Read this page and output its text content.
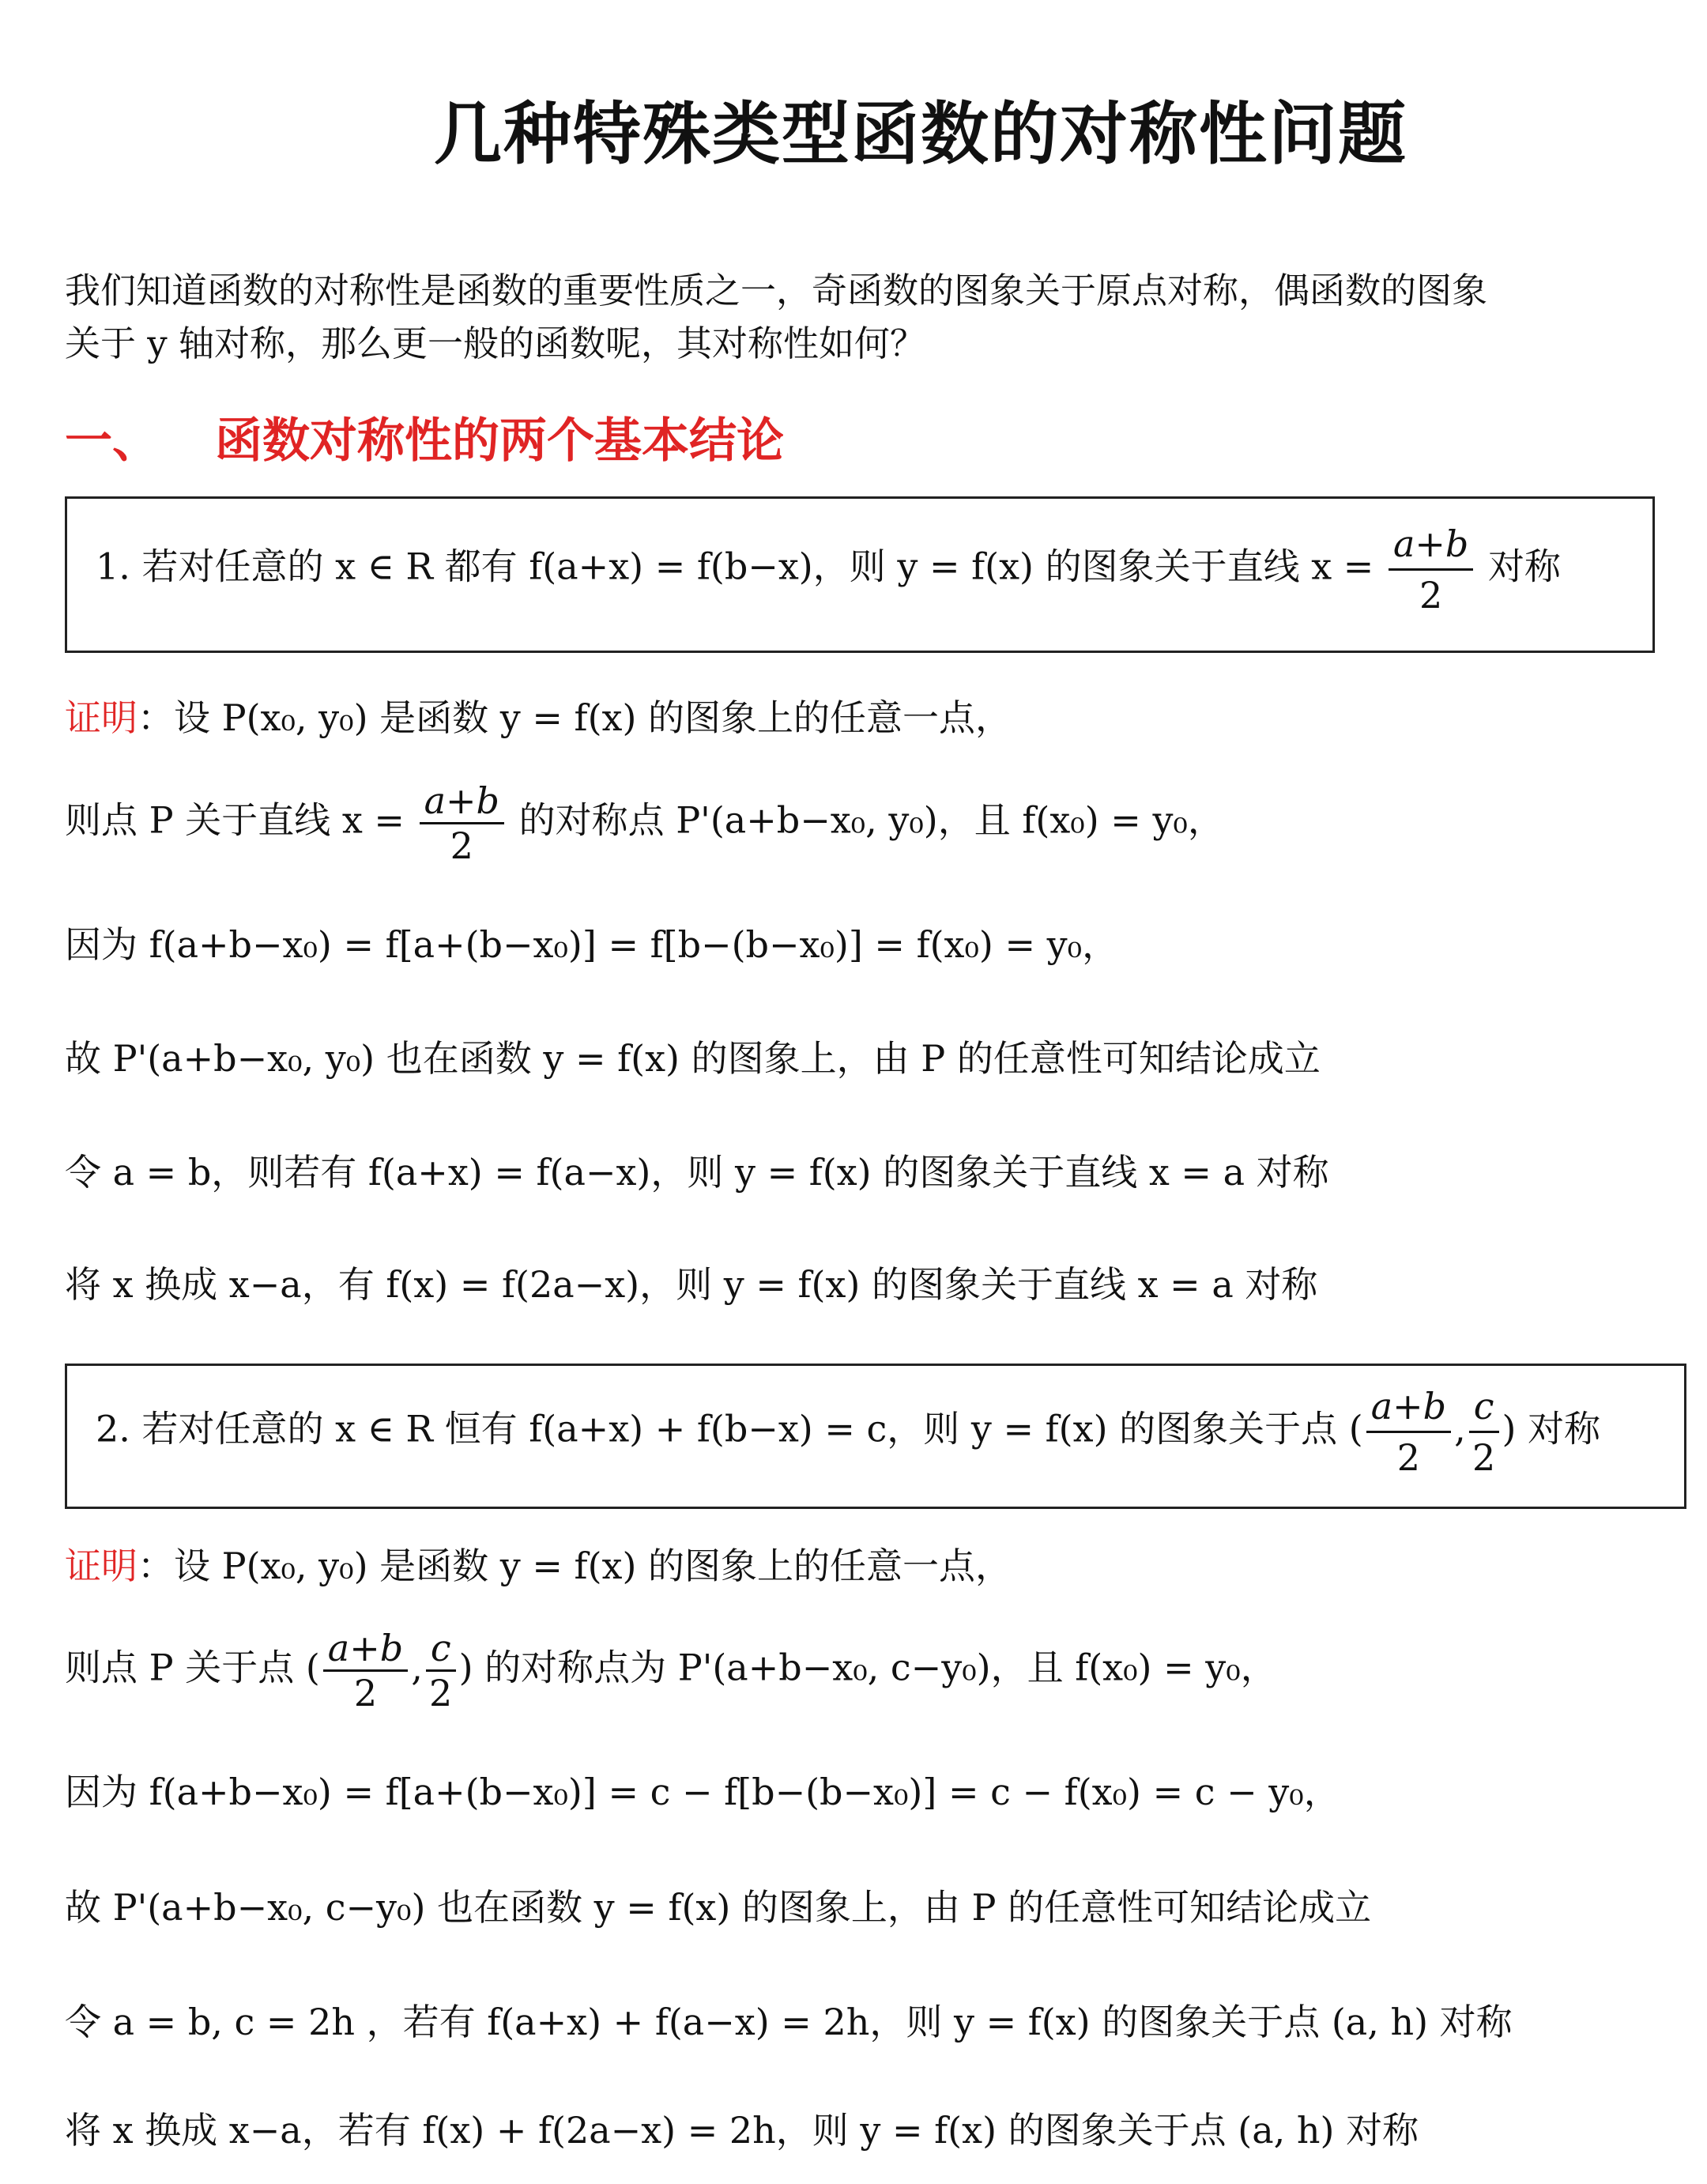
几种特殊类型函数的对称性问题
我们知道函数的对称性是函数的重要性质之一，奇函数的图象关于原点对称，偶函数的图象
关于 y 轴对称，那么更一般的函数呢，其对称性如何？
一、 函数对称性的两个基本结论
1. 若对任意的 x ∈ R 都有 f(a+x) = f(b−x)，则 y = f(x) 的图象关于直线 $x = \frac{a+b}{2}$ 对称
证明：设 P(x₀, y₀) 是函数 y = f(x) 的图象上的任意一点，
则点 P 关于直线 $x = \frac{a+b}{2}$ 的对称点 P'(a+b−x₀, y₀)，且 f(x₀) = y₀，
因为 f(a+b−x₀) = f[a+(b−x₀)] = f[b−(b−x₀)] = f(x₀) = y₀，
故 P'(a+b−x₀, y₀) 也在函数 y = f(x) 的图象上，由 P 的任意性可知结论成立
令 a = b，则若有 f(a+x) = f(a−x)，则 y = f(x) 的图象关于直线 x = a 对称
将 x 换成 x−a，有 f(x) = f(2a−x)，则 y = f(x) 的图象关于直线 x = a 对称
2. 若对任意的 x ∈ R 恒有 f(a+x) + f(b−x) = c，则 y = f(x) 的图象关于点 ( $\frac{a+b}{2}$ , $\frac{c}{2}$ ) 对称
证明：设 P(x₀, y₀) 是函数 y = f(x) 的图象上的任意一点，
则点 P 关于点 ( $\frac{a+b}{2}$ , $\frac{c}{2}$ ) 的对称点为 P'(a+b−x₀, c−y₀)，且 f(x₀) = y₀，
因为 f(a+b−x₀) = f[a+(b−x₀)] = c − f[b−(b−x₀)] = c − f(x₀) = c − y₀，
故 P'(a+b−x₀, c−y₀) 也在函数 y = f(x) 的图象上，由 P 的任意性可知结论成立
令 a = b, c = 2h ，若有 f(a+x) + f(a−x) = 2h，则 y = f(x) 的图象关于点 (a, h) 对称
将 x 换成 x−a，若有 f(x) + f(2a−x) = 2h，则 y = f(x) 的图象关于点 (a, h) 对称
